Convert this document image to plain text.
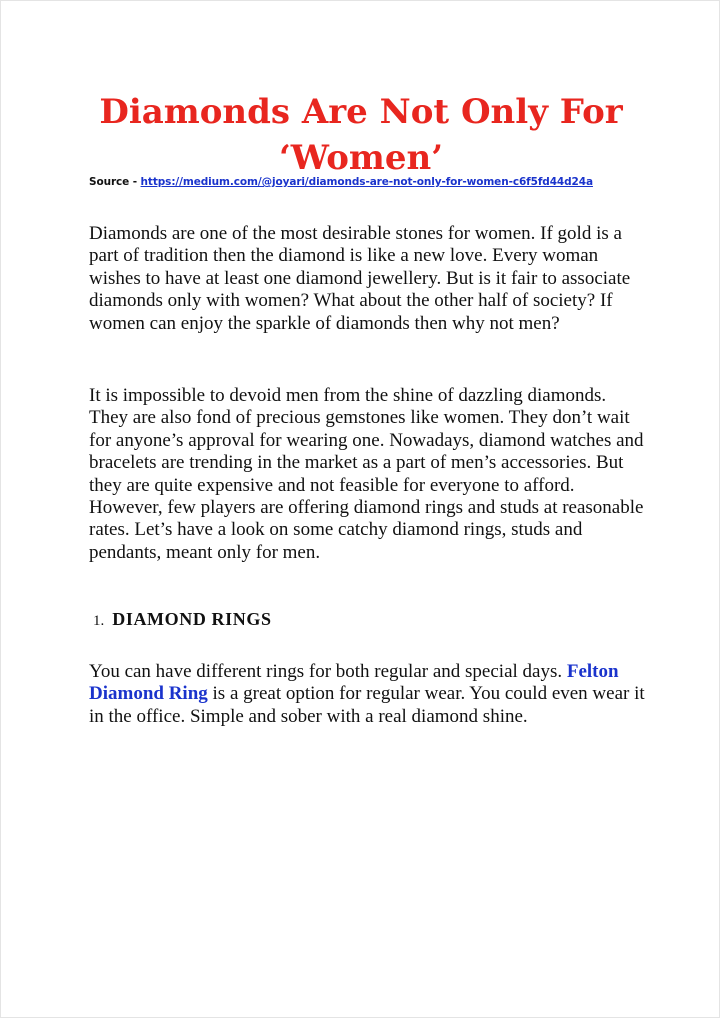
Diamonds Are Not Only For ‘Women’

Source - https://medium.com/@joyari/diamonds-are-not-only-for-women-c6f5fd44d24a

Diamonds are one of the most desirable stones for women. If gold is a part of tradition then the diamond is like a new love. Every woman wishes to have at least one diamond jewellery. But is it fair to associate diamonds only with women? What about the other half of society? If women can enjoy the sparkle of diamonds then why not men?

It is impossible to devoid men from the shine of dazzling diamonds. They are also fond of precious gemstones like women. They don’t wait for anyone’s approval for wearing one. Nowadays, diamond watches and bracelets are trending in the market as a part of men’s accessories. But they are quite expensive and not feasible for everyone to afford. However, few players are offering diamond rings and studs at reasonable rates. Let’s have a look on some catchy diamond rings, studs and pendants, meant only for men.

1. DIAMOND RINGS

You can have different rings for both regular and special days. Felton Diamond Ring is a great option for regular wear. You could even wear it in the office. Simple and sober with a real diamond shine.
